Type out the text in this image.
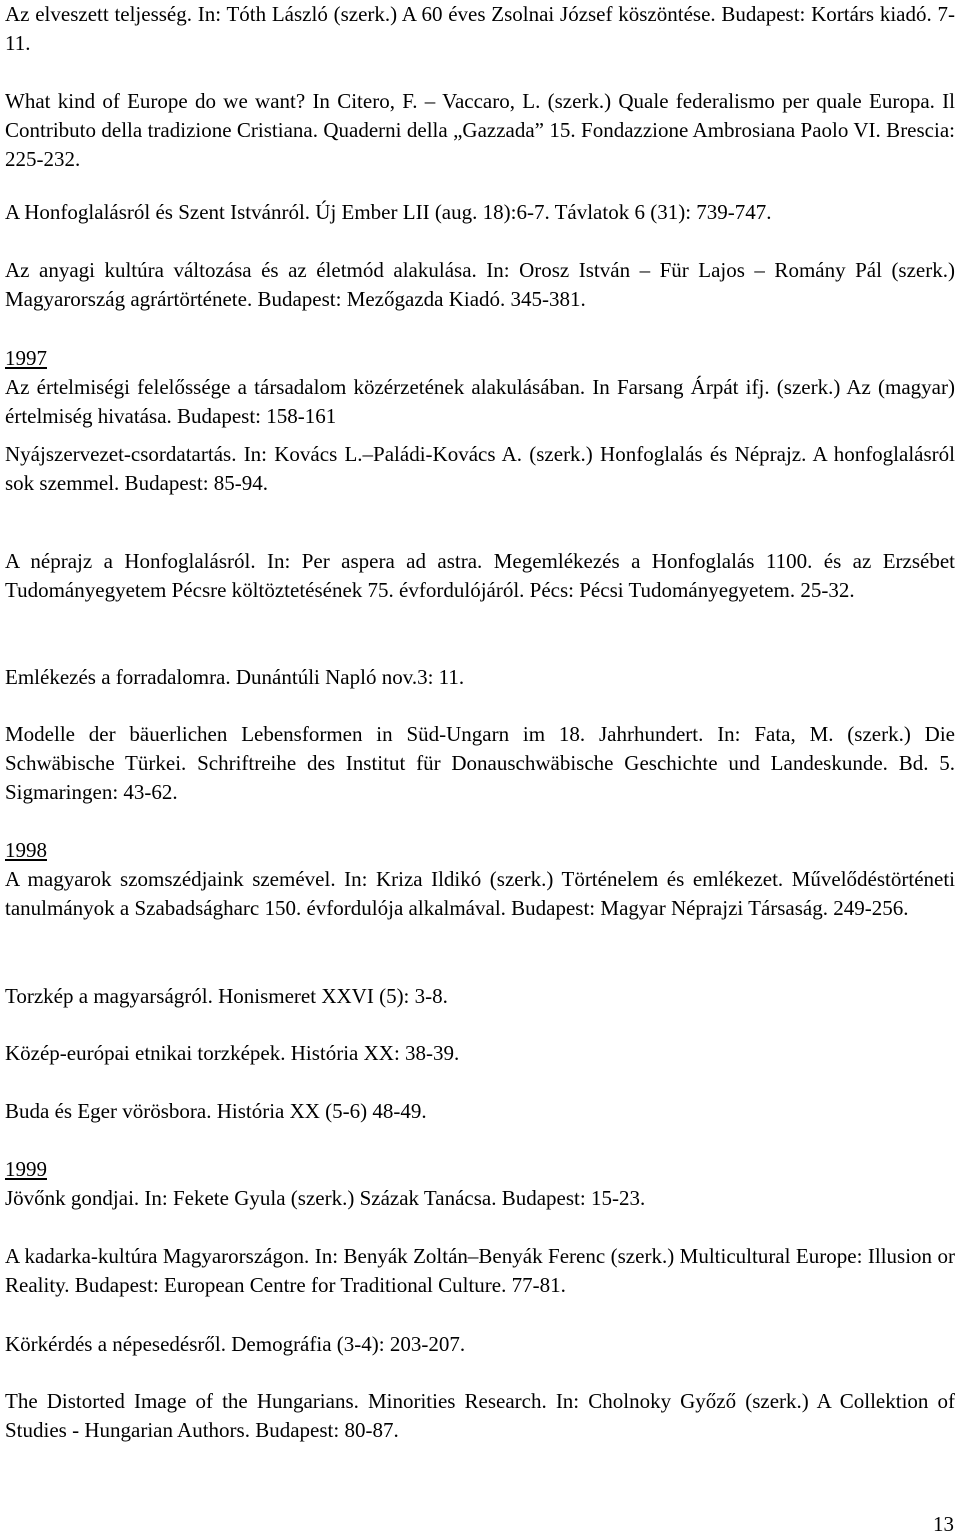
Az elveszett teljesség. In: Tóth László (szerk.) A 60 éves Zsolnai József köszöntése. Budapest: Kortárs kiadó. 7-11.

What kind of Europe do we want? In Citero, F. – Vaccaro, L. (szerk.) Quale federalismo per quale Europa. Il Contributo della tradizione Cristiana. Quaderni della „Gazzada” 15. Fondazzione Ambrosiana Paolo VI. Brescia: 225-232.

A Honfoglalásról és Szent Istvánról. Új Ember LII (aug. 18):6-7. Távlatok 6 (31): 739-747.

Az anyagi kultúra változása és az életmód alakulása. In: Orosz István – Für Lajos – Romány Pál (szerk.) Magyarország agrártörténete. Budapest: Mezőgazda Kiadó. 345-381.

1997

Az értelmiségi felelőssége a társadalom közérzetének alakulásában. In Farsang Árpát ifj. (szerk.) Az (magyar) értelmiség hivatása. Budapest: 158-161

Nyájszervezet-csordatartás. In: Kovács L.–Paládi-Kovács A. (szerk.) Honfoglalás és Néprajz. A honfoglalásról sok szemmel. Budapest: 85-94.

A néprajz a Honfoglalásról. In: Per aspera ad astra. Megemlékezés a Honfoglalás 1100. és az Erzsébet Tudományegyetem Pécsre költöztetésének 75. évfordulójáról. Pécs: Pécsi Tudományegyetem. 25-32.

Emlékezés a forradalomra. Dunántúli Napló nov.3: 11.

Modelle der bäuerlichen Lebensformen in Süd-Ungarn im 18. Jahrhundert. In: Fata, M. (szerk.) Die Schwäbische Türkei. Schriftreihe des Institut für Donauschwäbische Geschichte und Landeskunde. Bd. 5. Sigmaringen: 43-62.

1998

A magyarok szomszédjaink szemével. In: Kriza Ildikó (szerk.) Történelem és emlékezet. Művelődéstörténeti tanulmányok a Szabadságharc 150. évfordulója alkalmával. Budapest: Magyar Néprajzi Társaság. 249-256.

Torzkép a magyarságról. Honismeret XXVI (5): 3-8.

Közép-európai etnikai torzképek. História XX: 38-39.

Buda és Eger vörösbora. História XX (5-6) 48-49.

1999

Jövőnk gondjai. In: Fekete Gyula (szerk.) Százak Tanácsa. Budapest: 15-23.

A kadarka-kultúra Magyarországon. In: Benyák Zoltán–Benyák Ferenc (szerk.) Multicultural Europe: Illusion or Reality. Budapest: European Centre for Traditional Culture. 77-81.

Körkérdés a népesedésről. Demográfia (3-4): 203-207.

The Distorted Image of the Hungarians. Minorities Research. In: Cholnoky Győző (szerk.) A Collektion of Studies - Hungarian Authors. Budapest: 80-87.

13
